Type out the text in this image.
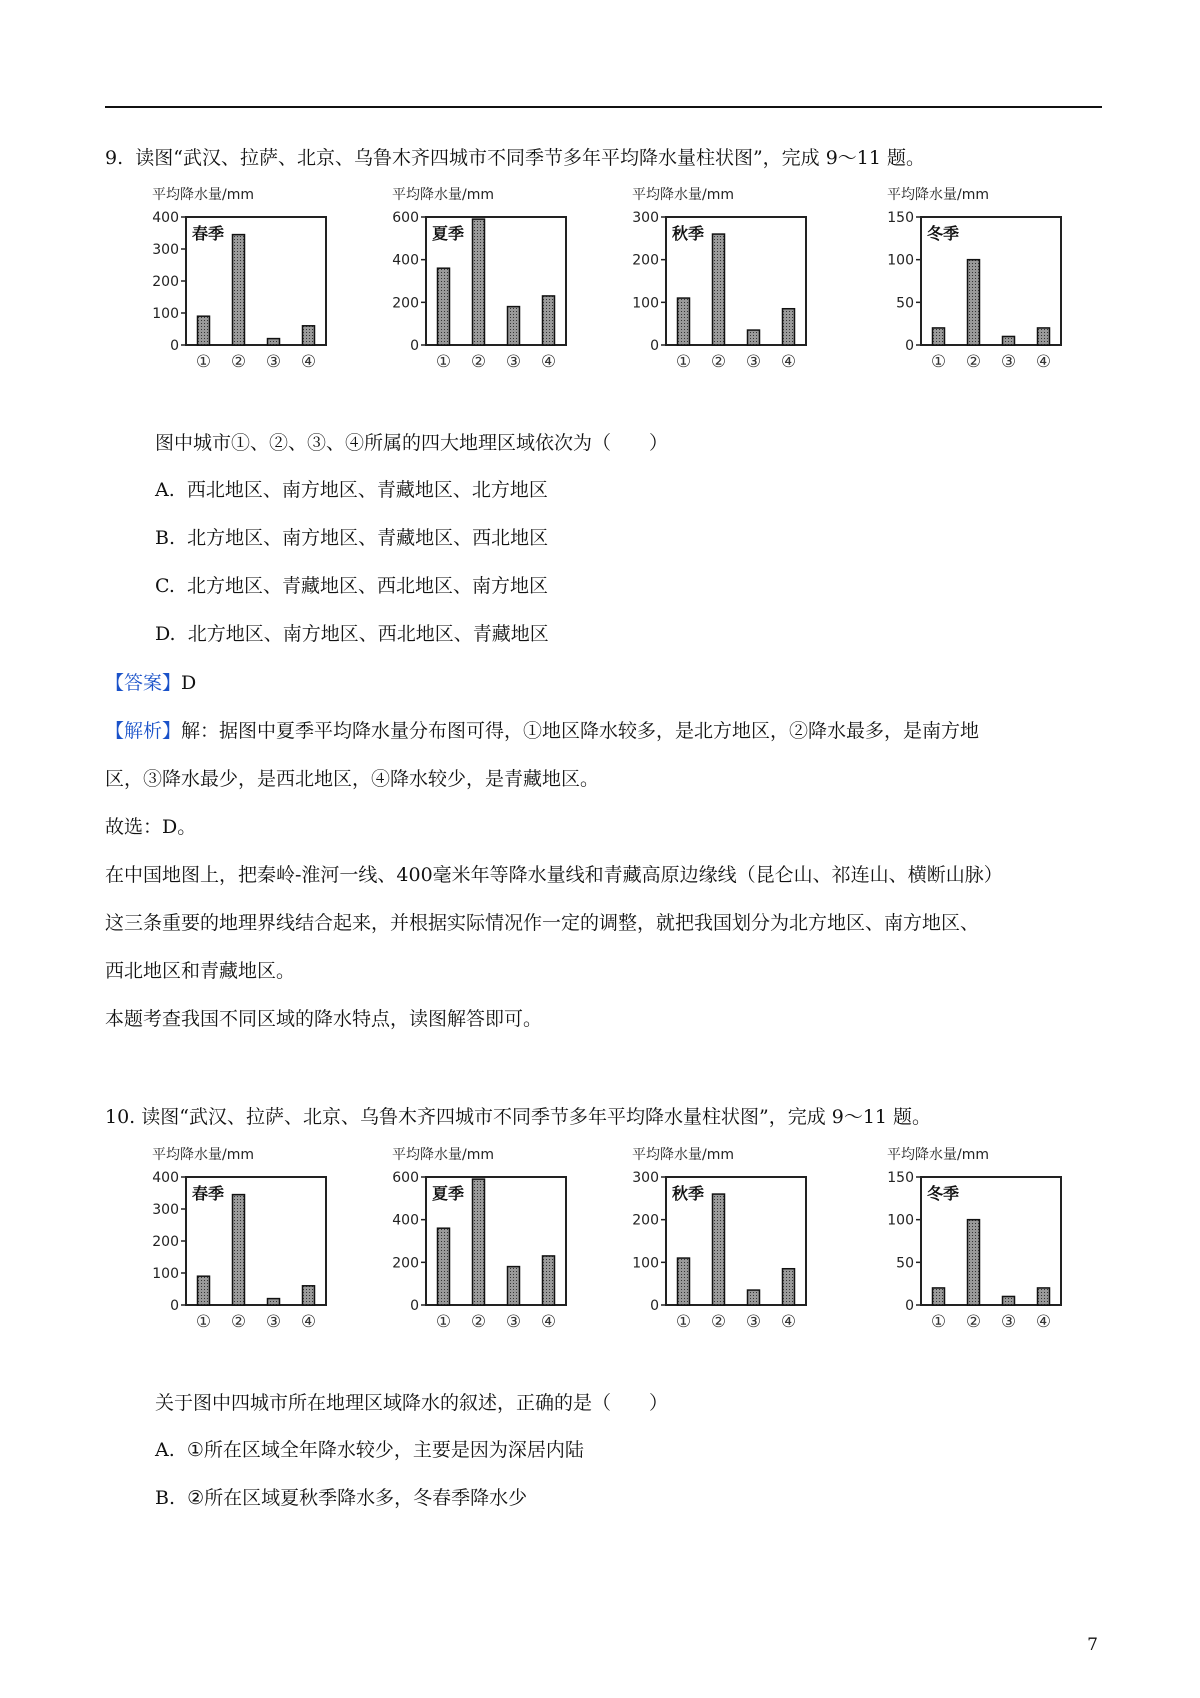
9. 读图“武汉、拉萨、北京、乌鲁木齐四城市不同季节多年平均降水量柱状图”，完成 9～11 题。
平均降水量/mm
0
100
200
300
400
春季
① ② ③ ④
平均降水量/mm
0
200
400
600
夏季
① ② ③ ④
平均降水量/mm
0
100
200
300
秋季
① ② ③ ④
平均降水量/mm
0
50
100
150
冬季
① ② ③ ④
图中城市①、②、③、④所属的四大地理区域依次为（　　）
A. 西北地区、南方地区、青藏地区、北方地区
B. 北方地区、南方地区、青藏地区、西北地区
C. 北方地区、青藏地区、西北地区、南方地区
D. 北方地区、南方地区、西北地区、青藏地区
【答案】D
【解析】解：据图中夏季平均降水量分布图可得，①地区降水较多，是北方地区，②降水最多，是南方地
区，③降水最少，是西北地区，④降水较少，是青藏地区。
故选：D。
在中国地图上，把秦岭-淮河一线、400毫米年等降水量线和青藏高原边缘线（昆仑山、祁连山、横断山脉）
这三条重要的地理界线结合起来，并根据实际情况作一定的调整，就把我国划分为北方地区、南方地区、
西北地区和青藏地区。
本题考查我国不同区域的降水特点，读图解答即可。
10. 读图“武汉、拉萨、北京、乌鲁木齐四城市不同季节多年平均降水量柱状图”，完成 9～11 题。
平均降水量/mm
0
100
200
300
400
春季
① ② ③ ④
平均降水量/mm
0
200
400
600
夏季
① ② ③ ④
平均降水量/mm
0
100
200
300
秋季
① ② ③ ④
平均降水量/mm
0
50
100
150
冬季
① ② ③ ④
关于图中四城市所在地理区域降水的叙述，正确的是（　　）
A. ①所在区域全年降水较少，主要是因为深居内陆
B. ②所在区域夏秋季降水多，冬春季降水少
7
